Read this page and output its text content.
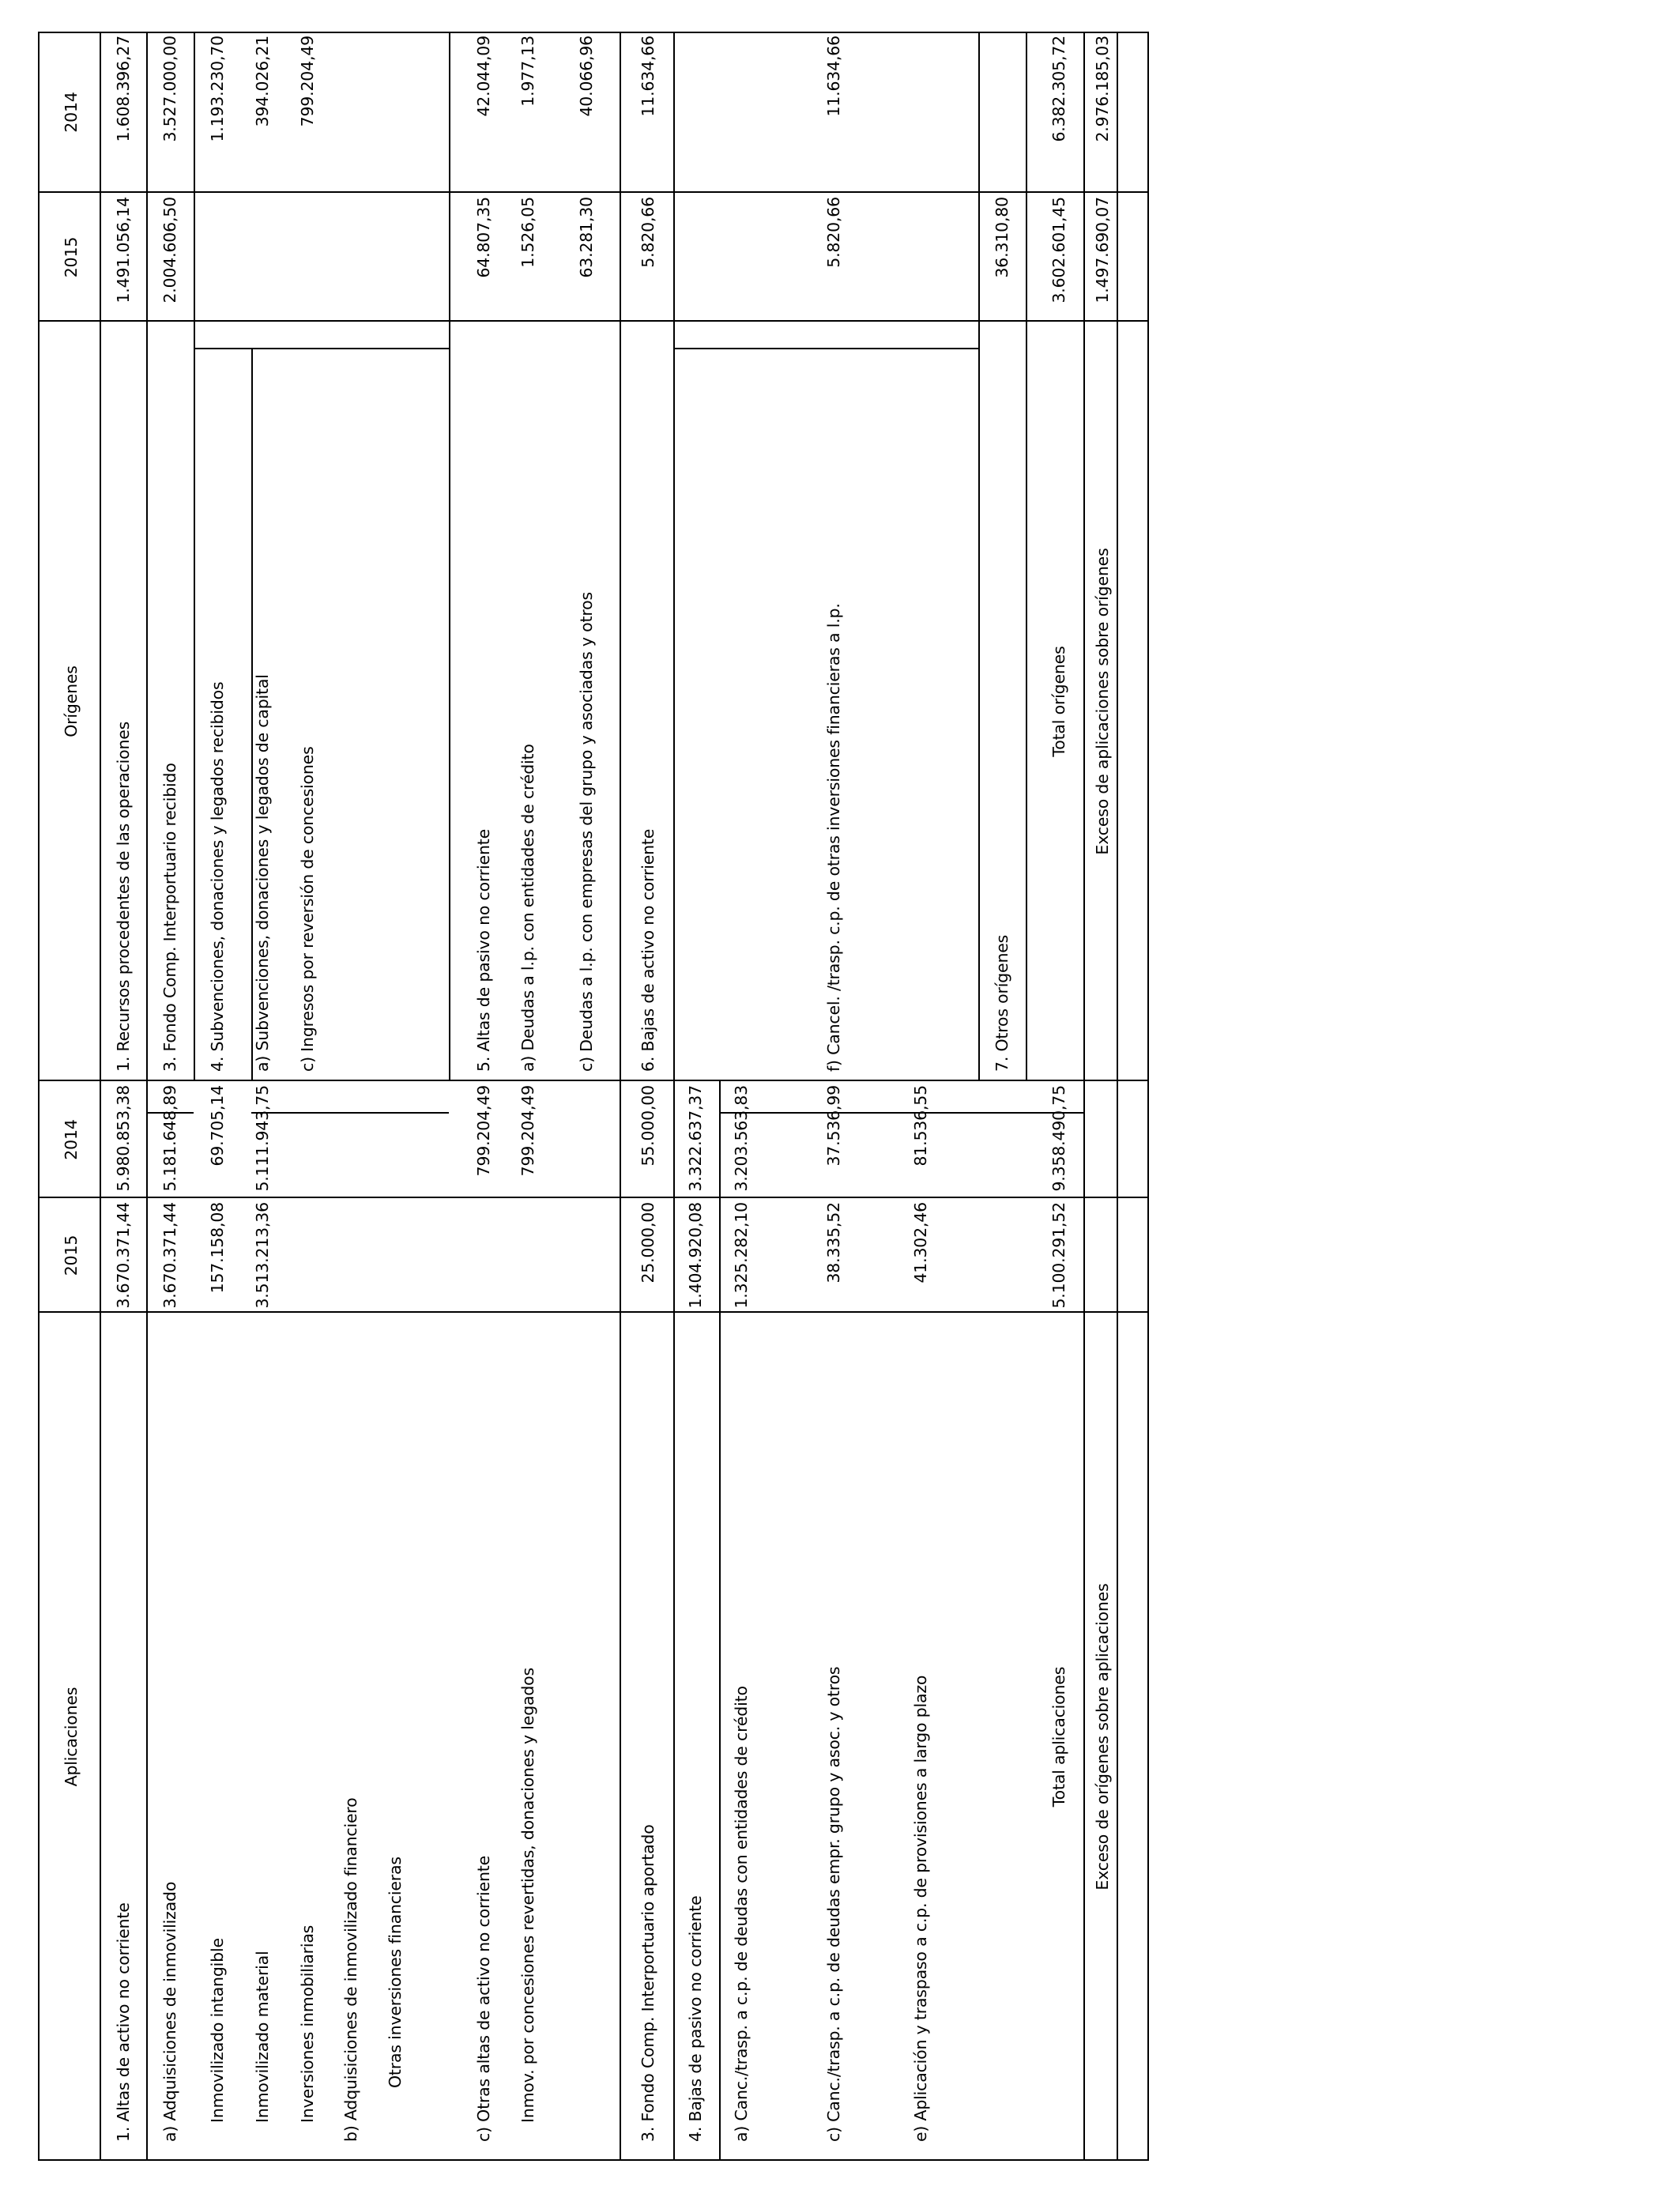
Aplicaciones
2015
2014
Orígenes
2015
2014
1. Altas de activo no corriente
3.670.371,44
5.980.853,38
a) Adquisiciones de inmovilizado
3.670.371,44
5.181.648,89
Inmovilizado intangible
157.158,08
69.705,14
Inmovilizado material
3.513.213,36
5.111.943,75
Inversiones inmobiliarias b) Adquisiciones de inmovilizado financiero Otras inversiones financieras	c) Otras altas de activo no corriente
799.204,49
Inmov. por concesiones revertidas, donaciones y legados
799.204,49
3. Fondo Comp. Interportuario aportado
25.000,00
55.000,00
4. Bajas de pasivo no corriente
1.404.920,08
3.322.637,37
a) Canc./trasp. a c.p. de deudas con entidades de crédito
1.325.282,10
3.203.563,83
c) Canc./trasp. a c.p. de deudas empr. grupo y asoc. y otros
38.335,52
37.536,99
e) Aplicación y traspaso a c.p. de provisiones a largo plazo
41.302,46
81.536,55
Total aplicaciones
5.100.291,52
9.358.490,75
Exceso de orígenes sobre aplicaciones
1. Recursos procedentes de las operaciones
1.491.056,14
1.608.396,27
3. Fondo Comp. Interportuario recibido
2.004.606,50
3.527.000,00
4. Subvenciones, donaciones y legados recibidos
1.193.230,70
a) Subvenciones, donaciones y legados de capital
394.026,21
c) Ingresos por reversión de concesiones
799.204,49
5. Altas de pasivo no corriente
64.807,35
42.044,09
a) Deudas a l.p. con entidades de crédito
1.526,05
1.977,13
c) Deudas a l.p. con empresas del grupo y asociadas y otros
63.281,30
40.066,96
6. Bajas de activo no corriente
5.820,66
11.634,66
f) Cancel. /trasp. c.p. de otras inversiones financieras a l.p.
5.820,66
11.634,66
7. Otros orígenes
36.310,80
Total orígenes
3.602.601,45
6.382.305,72
Exceso de aplicaciones sobre orígenes
1.497.690,07
2.976.185,03
